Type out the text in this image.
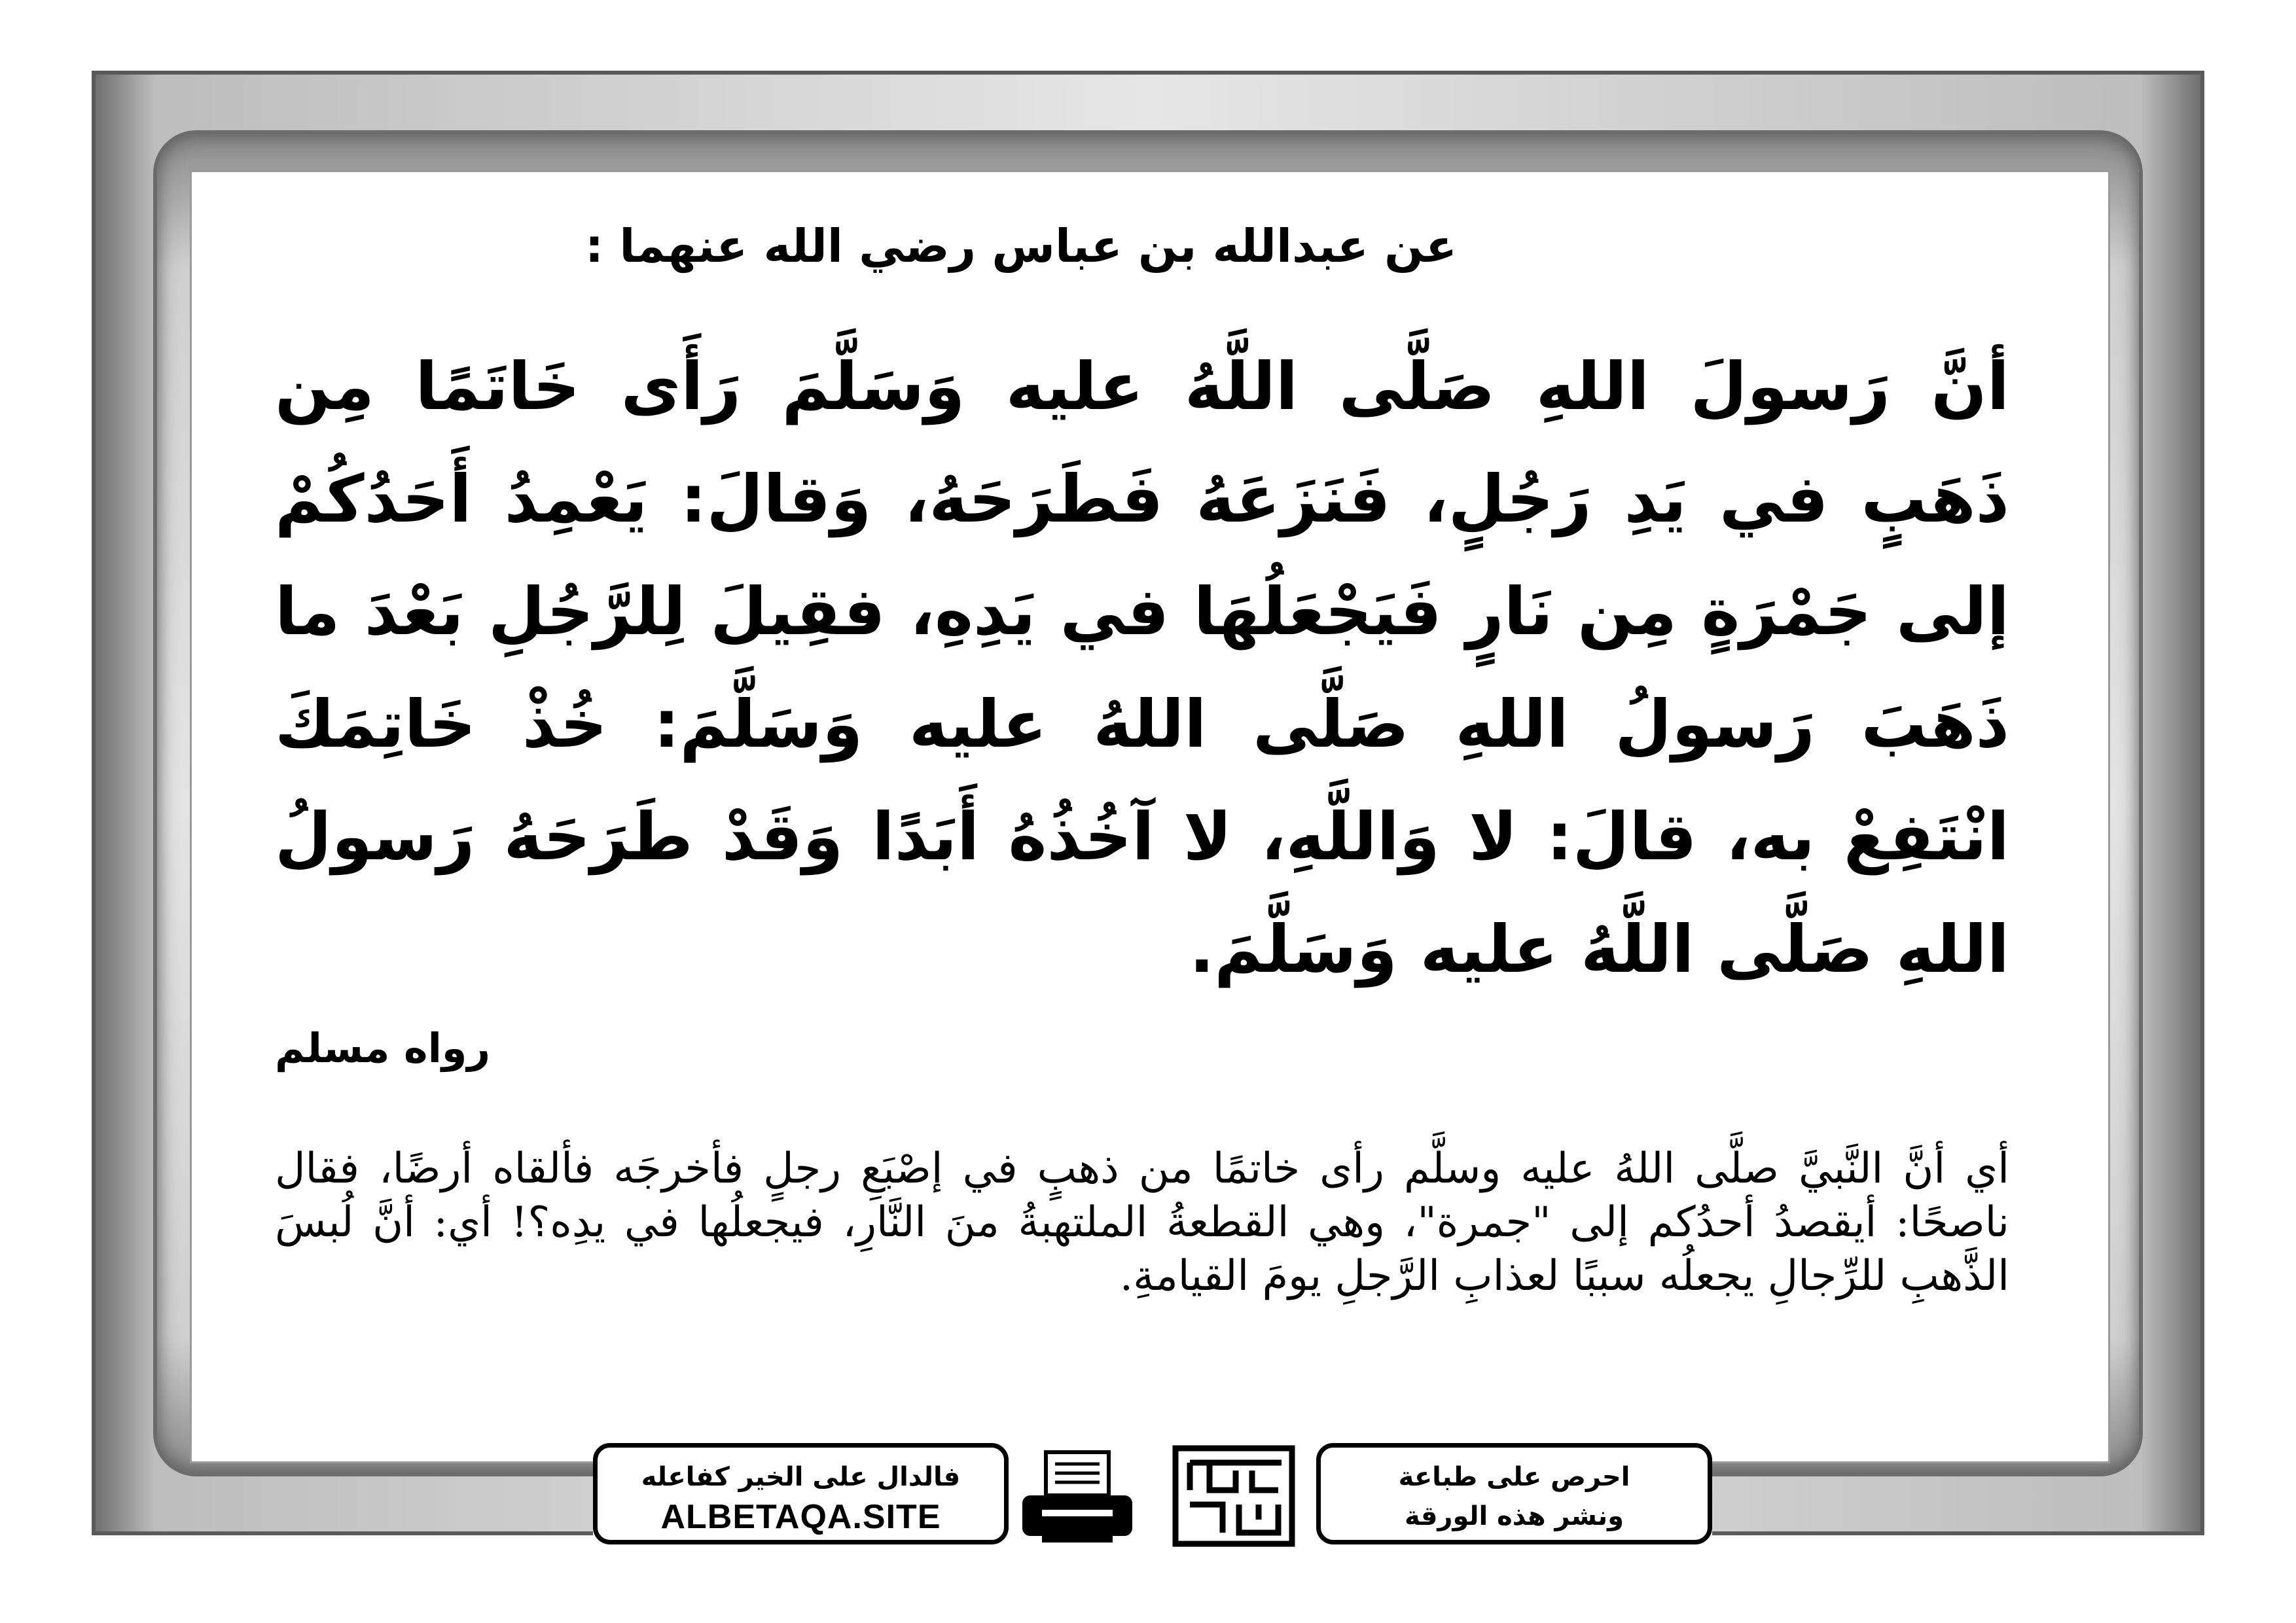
عن عبدالله بن عباس رضي الله عنهما :

أنَّ رَسولَ اللهِ صَلَّى اللَّهُ عليه وَسَلَّمَ رَأَى خَاتَمًا مِن ذَهَبٍ في يَدِ رَجُلٍ، فَنَزَعَهُ فَطَرَحَهُ، وَقالَ: يَعْمِدُ أَحَدُكُمْ إلى جَمْرَةٍ مِن نَارٍ فَيَجْعَلُهَا في يَدِهِ، فقِيلَ لِلرَّجُلِ بَعْدَ ما ذَهَبَ رَسولُ اللهِ صَلَّى اللهُ عليه وَسَلَّمَ: خُذْ خَاتِمَكَ انْتَفِعْ به، قالَ: لا وَاللَّهِ، لا آخُذُهُ أَبَدًا وَقَدْ طَرَحَهُ رَسولُ اللهِ صَلَّى اللَّهُ عليه وَسَلَّمَ.

رواه مسلم

أي أنَّ النَّبيَّ صلَّى اللهُ عليه وسلَّم رأى خاتمًا من ذهبٍ في إصْبَعِ رجلٍ فأخرجَه فألقاه أرضًا، فقال ناصحًا: أيقصدُ أحدُكم إلى "جمرة"، وهي القطعةُ الملتهبةُ منَ النَّارِ، فيجعلُها في يدِه؟! أي: أنَّ لُبسَ الذَّهبِ للرِّجالِ يجعلُه سببًا لعذابِ الرَّجلِ يومَ القيامةِ.

فالدال على الخير كفاعله
ALBETAQA.SITE
احرص على طباعة
ونشر هذه الورقة
